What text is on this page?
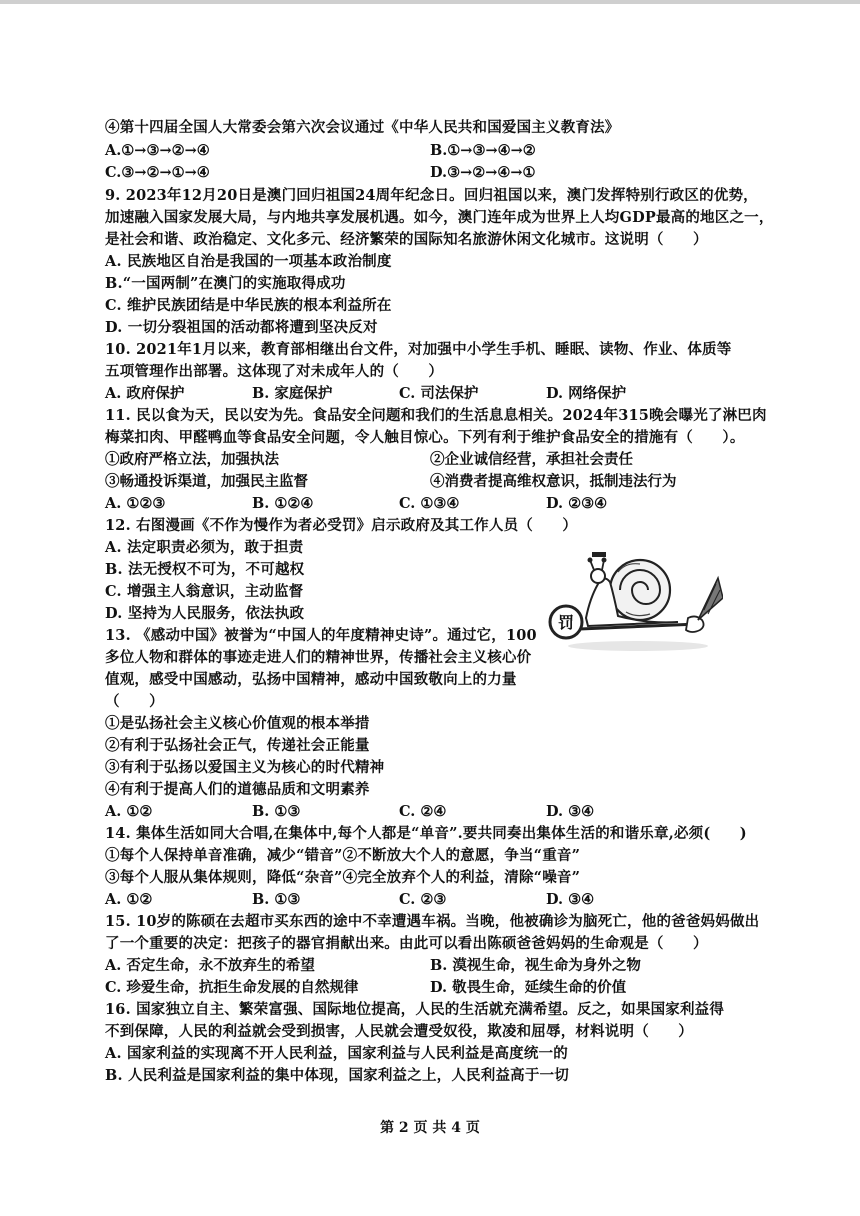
④第十四届全国人大常委会第六次会议通过《中华人民共和国爱国主义教育法》
A.①→③→②→④	B.①→③→④→②
C.③→②→①→④	D.③→②→④→①
9. 2023年12月20日是澳门回归祖国24周年纪念日。回归祖国以来，澳门发挥特别行政区的优势，
加速融入国家发展大局，与内地共享发展机遇。如今，澳门连年成为世界上人均GDP最高的地区之一，
是社会和谐、政治稳定、文化多元、经济繁荣的国际知名旅游休闲文化城市。这说明（　　）
A. 民族地区自治是我国的一项基本政治制度
B.“一国两制”在澳门的实施取得成功
C. 维护民族团结是中华民族的根本利益所在
D. 一切分裂祖国的活动都将遭到坚决反对
10. 2021年1月以来，教育部相继出台文件，对加强中小学生手机、睡眠、读物、作业、体质等
五项管理作出部署。这体现了对未成年人的（　　）
A. 政府保护	B. 家庭保护	C. 司法保护	D. 网络保护
11. 民以食为天，民以安为先。食品安全问题和我们的生活息息相关。2024年315晚会曝光了淋巴肉
梅菜扣肉、甲醛鸭血等食品安全问题，令人触目惊心。下列有利于维护食品安全的措施有（　　）。
①政府严格立法，加强执法	②企业诚信经营，承担社会责任
③畅通投诉渠道，加强民主监督	④消费者提高维权意识，抵制违法行为
A. ①②③	B. ①②④	C. ①③④	D. ②③④
12. 右图漫画《不作为慢作为者必受罚》启示政府及其工作人员（　　）
A. 法定职责必须为，敢于担责
B. 法无授权不可为，不可越权
C. 增强主人翁意识，主动监督
D. 坚持为人民服务，依法执政	罚
13. 《感动中国》被誉为“中国人的年度精神史诗”。通过它，100
多位人物和群体的事迹走进人们的精神世界，传播社会主义核心价
值观，感受中国感动，弘扬中国精神，感动中国致敬向上的力量
（　　）
①是弘扬社会主义核心价值观的根本举措
②有利于弘扬社会正气，传递社会正能量
③有利于弘扬以爱国主义为核心的时代精神
④有利于提高人们的道德品质和文明素养
A. ①②	B. ①③	C. ②④	D. ③④
14. 集体生活如同大合唱,在集体中,每个人都是“单音”.要共同奏出集体生活的和谐乐章,必须(　　)
①每个人保持单音准确，减少“错音”②不断放大个人的意愿，争当“重音”
③每个人服从集体规则，降低“杂音”④完全放弃个人的利益，清除“噪音”
A. ①②	B. ①③	C. ②③	D. ③④
15. 10岁的陈硕在去超市买东西的途中不幸遭遇车祸。当晚，他被确诊为脑死亡，他的爸爸妈妈做出
了一个重要的决定：把孩子的器官捐献出来。由此可以看出陈硕爸爸妈妈的生命观是（　　）
A. 否定生命，永不放弃生的希望	B. 漠视生命，视生命为身外之物
C. 珍爱生命，抗拒生命发展的自然规律	D. 敬畏生命，延续生命的价值
16. 国家独立自主、繁荣富强、国际地位提高，人民的生活就充满希望。反之，如果国家利益得
不到保障，人民的利益就会受到损害，人民就会遭受奴役，欺凌和屈辱，材料说明（　　）
A. 国家利益的实现离不开人民利益，国家利益与人民利益是高度统一的
B. 人民利益是国家利益的集中体现，国家利益之上，人民利益高于一切
第 2 页 共 4 页
